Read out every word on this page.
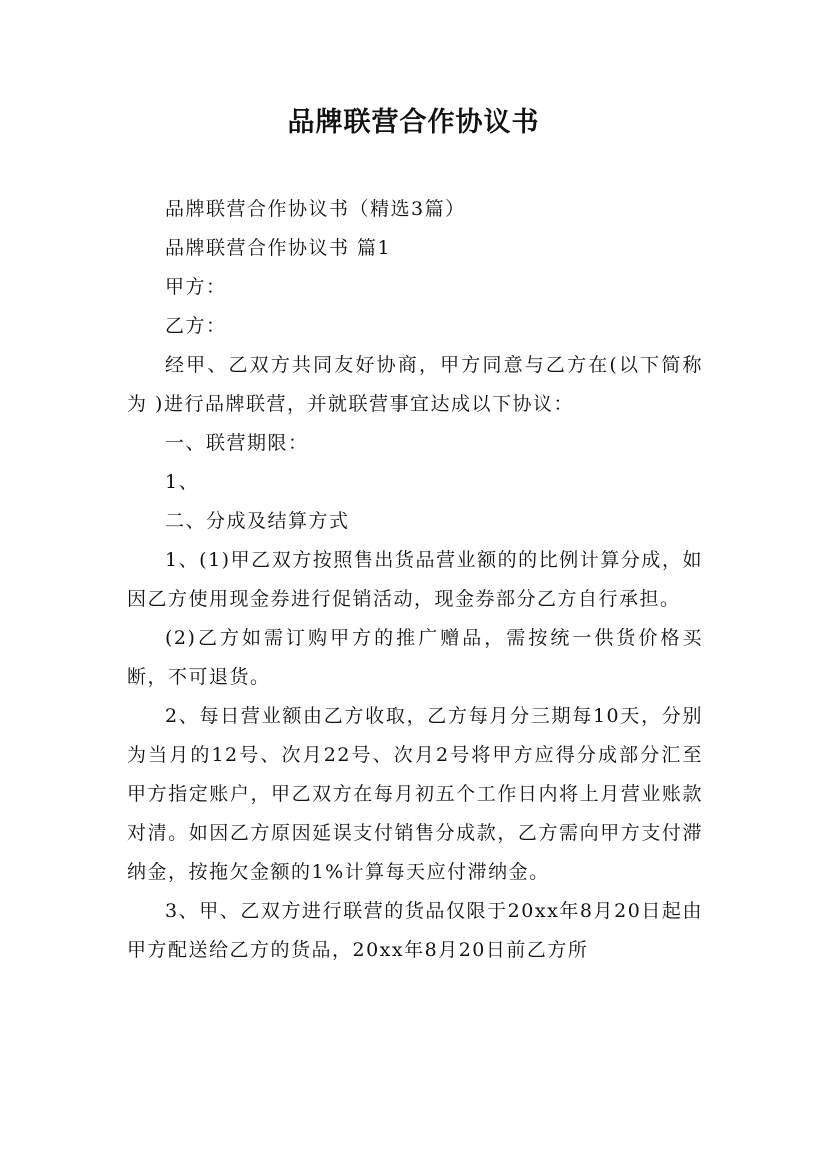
品牌联营合作协议书

品牌联营合作协议书（精选3篇）

品牌联营合作协议书 篇1

甲方：

乙方：

经甲、乙双方共同友好协商，甲方同意与乙方在(以下简称为 )进行品牌联营，并就联营事宜达成以下协议：

一、联营期限：

1、

二、分成及结算方式

1、(1)甲乙双方按照售出货品营业额的的比例计算分成，如因乙方使用现金券进行促销活动，现金券部分乙方自行承担。

(2)乙方如需订购甲方的推广赠品，需按统一供货价格买断，不可退货。

2、每日营业额由乙方收取，乙方每月分三期每10天，分别为当月的12号、次月22号、次月2号将甲方应得分成部分汇至甲方指定账户，甲乙双方在每月初五个工作日内将上月营业账款对清。如因乙方原因延误支付销售分成款，乙方需向甲方支付滞纳金，按拖欠金额的1%计算每天应付滞纳金。

3、甲、乙双方进行联营的货品仅限于20xx年8月20日起由甲方配送给乙方的货品，20xx年8月20日前乙方所
